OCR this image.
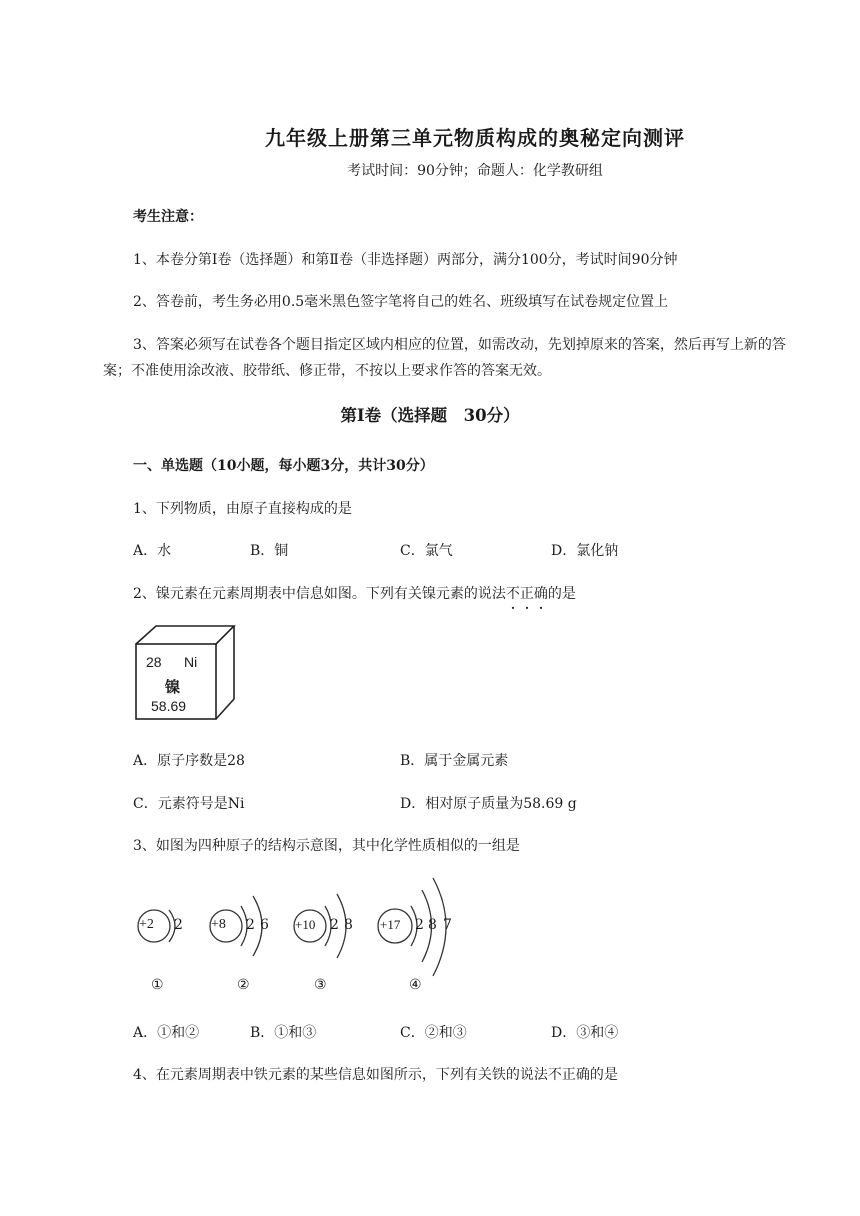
九年级上册第三单元物质构成的奥秘定向测评
考试时间：90分钟；命题人：化学教研组
考生注意：
1、本卷分第Ⅰ卷（选择题）和第Ⅱ卷（非选择题）两部分，满分100分，考试时间90分钟
2、答卷前，考生务必用0.5毫米黑色签字笔将自己的姓名、班级填写在试卷规定位置上
3、答案必须写在试卷各个题目指定区域内相应的位置，如需改动，先划掉原来的答案，然后再写上新的答案；不准使用涂改液、胶带纸、修正带，不按以上要求作答的答案无效。
第Ⅰ卷（选择题　30分）
一、单选题（10小题，每小题3分，共计30分）
1、下列物质，由原子直接构成的是
A．水	B．铜	C．氯气	D．氯化钠
2、镍元素在元素周期表中信息如图。下列有关镍元素的说法不正确的是
28 Ni
镍
58.69
A．原子序数是28	B．属于金属元素
C．元素符号是Ni	D．相对原子质量为58.69 g
3、如图为四种原子的结构示意图，其中化学性质相似的一组是
+2	+8	+10	+17
2	2 6	2 8	2 8 7
①	②	③	④
A．①和②	B．①和③	C．②和③	D．③和④
4、在元素周期表中铁元素的某些信息如图所示，下列有关铁的说法不正确的是
